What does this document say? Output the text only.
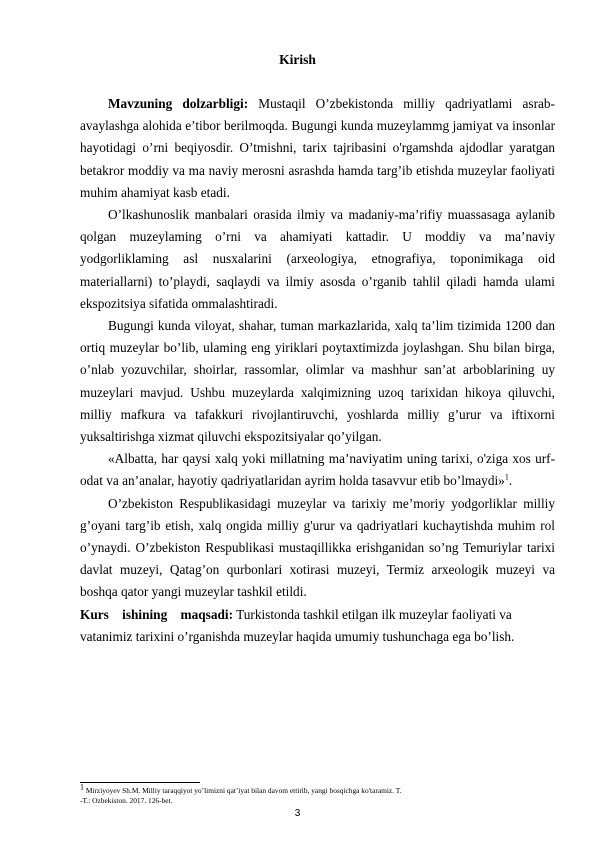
Kirish

Mavzuning dolzarbligi: Mustaqil O’zbekistonda milliy qadriyatlami asrab-avaylashga alohida e’tibor berilmoqda. Bugungi kunda muzeylammg jamiyat va insonlar hayotidagi o’rni beqiyosdir. O’tmishni, tarix tajribasini o'rgamshda ajdodlar yaratgan betakror moddiy va ma naviy merosni asrashda hamda targ’ib etishda muzeylar faoliyati muhim ahamiyat kasb etadi.

O’lkashunoslik manbalari orasida ilmiy va madaniy-ma’rifiy muassasaga aylanib qolgan muzeylaming o’rni va ahamiyati kattadir. U moddiy va ma’naviy yodgorliklaming asl nusxalarini (arxeologiya, etnografiya, toponimikaga oid materiallarni) to’playdi, saqlaydi va ilmiy asosda o’rganib tahlil qiladi hamda ulami ekspozitsiya sifatida ommalashtiradi.

Bugungi kunda viloyat, shahar, tuman markazlarida, xalq ta’lim tizimida 1200 dan ortiq muzeylar bo’lib, ulaming eng yiriklari poytaxtimizda joylashgan. Shu bilan birga, o’nlab yozuvchilar, shoirlar, rassomlar, olimlar va mashhur san’at arboblarining uy muzeylari mavjud. Ushbu muzeylarda xalqimizning uzoq tarixidan hikoya qiluvchi, milliy mafkura va tafakkuri rivojlantiruvchi, yoshlarda milliy g’urur va iftixorni yuksaltirishga xizmat qiluvchi ekspozitsiyalar qo’yilgan.

«Albatta, har qaysi xalq yoki millatning ma’naviyatim uning tarixi, o'ziga xos urf-odat va an’analar, hayotiy qadriyatlaridan ayrim holda tasavvur etib bo’lmaydi»$^1$.

O’zbekiston Respublikasidagi muzeylar va tarixiy me’moriy yodgorliklar milliy g’oyani targ’ib etish, xalq ongida milliy g'urur va qadriyatlari kuchaytishda muhim rol o’ynaydi. O’zbekiston Respublikasi mustaqillikka erishganidan so’ng Temuriylar tarixi davlat muzeyi, Qatag’on qurbonlari xotirasi muzeyi, Termiz arxeologik muzeyi va boshqa qator yangi muzeylar tashkil etildi.

Kurs ishining maqsadi: Turkistonda tashkil etilgan ilk muzeylar faoliyati va vatanimiz tarixini o’rganishda muzeylar haqida umumiy tushunchaga ega bo’lish.

$^1$ Mirziyoyev Sh.M. Milliy taraqqiyot yo’limizni qat’iyat bilan davom ettirib, yangi bosqichga ko'taramiz. T.
-T.: Ozbekiston. 2017. 126-bet.
3
